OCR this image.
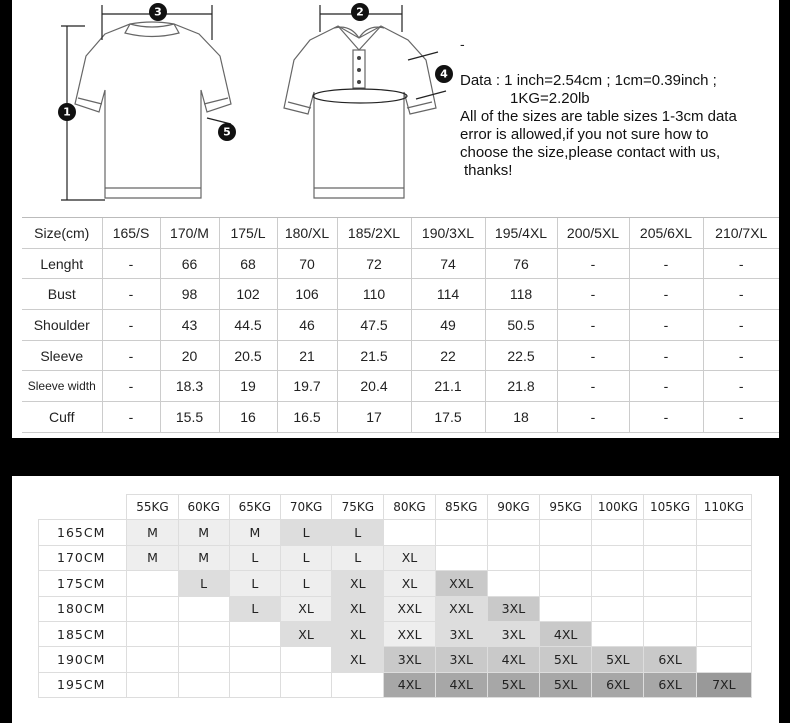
1
3
5
2
4
-
Data : 1 inch=2.54cm ; 1cm=0.39inch ;
1KG=2.20lb
All of the sizes are table sizes 1-3cm data
error is allowed,if you not sure how to
choose the size,please contact with us,
thanks!
Size(cm)	165/S	170/M	175/L	180/XL	185/2XL	190/3XL	195/4XL	200/5XL	205/6XL	210/7XL
Lenght	-	66	68	70	72	74	76	-	-	-
Bust	-	98	102	106	110	114	118	-	-	-
Shoulder	-	43	44.5	46	47.5	49	50.5	-	-	-
Sleeve	-	20	20.5	21	21.5	22	22.5	-	-	-
Sleeve width	-	18.3	19	19.7	20.4	21.1	21.8	-	-	-
Cuff	-	15.5	16	16.5	17	17.5	18	-	-	-
	55KG	60KG	65KG	70KG	75KG	80KG	85KG	90KG	95KG	100KG	105KG	110KG
165CM	M	M	M	L	L							
170CM	M	M	L	L	L	XL						
175CM		L	L	L	XL	XL	XXL					
180CM			L	XL	XL	XXL	XXL	3XL				
185CM				XL	XL	XXL	3XL	3XL	4XL			
190CM					XL	3XL	3XL	4XL	5XL	5XL	6XL	
195CM						4XL	4XL	5XL	5XL	6XL	6XL	7XL
